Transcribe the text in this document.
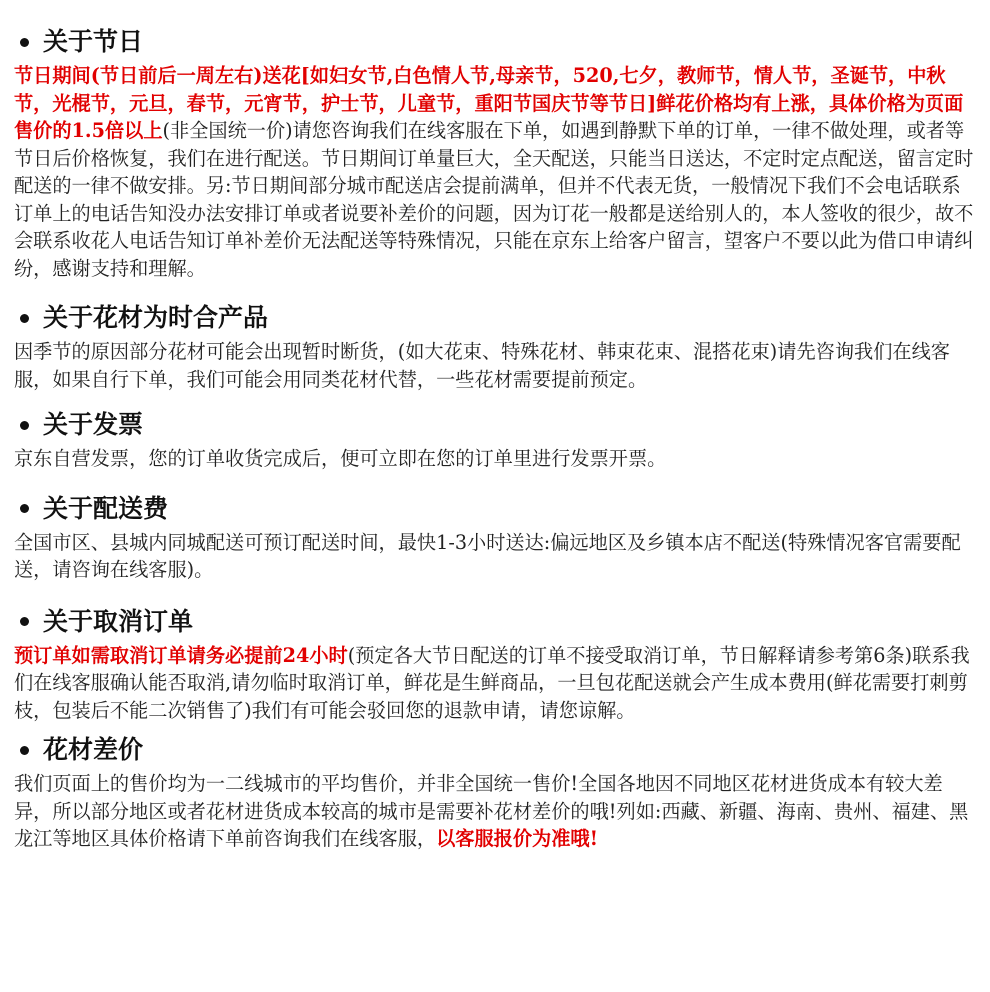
关于节日

节日期间(节日前后一周左右)送花[如妇女节,白色情人节,母亲节，520,七夕，教师节，情人节，圣诞节，中秋节，光棍节，元旦，春节，元宵节，护士节，儿童节，重阳节国庆节等节日]鲜花价格均有上涨，具体价格为页面售价的1.5倍以上(非全国统一价)请您咨询我们在线客服在下单，如遇到静默下单的订单，一律不做处理，或者等节日后价格恢复，我们在进行配送。节日期间订单量巨大，全天配送，只能当日送达，不定时定点配送，留言定时配送的一律不做安排。另:节日期间部分城市配送店会提前满单，但并不代表无货，一般情况下我们不会电话联系订单上的电话告知没办法安排订单或者说要补差价的问题，因为订花一般都是送给别人的，本人签收的很少，故不会联系收花人电话告知订单补差价无法配送等特殊情况，只能在京东上给客户留言，望客户不要以此为借口申请纠纷，感谢支持和理解。

关于花材为时合产品

因季节的原因部分花材可能会出现暂时断货，(如大花束、特殊花材、韩束花束、混搭花束)请先咨询我们在线客服，如果自行下单，我们可能会用同类花材代替，一些花材需要提前预定。

关于发票

京东自营发票，您的订单收货完成后，便可立即在您的订单里进行发票开票。

关于配送费

全国市区、县城内同城配送可预订配送时间，最快1-3小时送达:偏远地区及乡镇本店不配送(特殊情况客官需要配送，请咨询在线客服)。

关于取消订单

预订单如需取消订单请务必提前24小时(预定各大节日配送的订单不接受取消订单，节日解释请参考第6条)联系我们在线客服确认能否取消,请勿临时取消订单，鲜花是生鲜商品，一旦包花配送就会产生成本费用(鲜花需要打刺剪枝，包装后不能二次销售了)我们有可能会驳回您的退款申请，请您谅解。

花材差价

我们页面上的售价均为一二线城市的平均售价，并非全国统一售价!全国各地因不同地区花材进货成本有较大差异，所以部分地区或者花材进货成本较高的城市是需要补花材差价的哦!列如:西藏、新疆、海南、贵州、福建、黑龙江等地区具体价格请下单前咨询我们在线客服，以客服报价为准哦!
